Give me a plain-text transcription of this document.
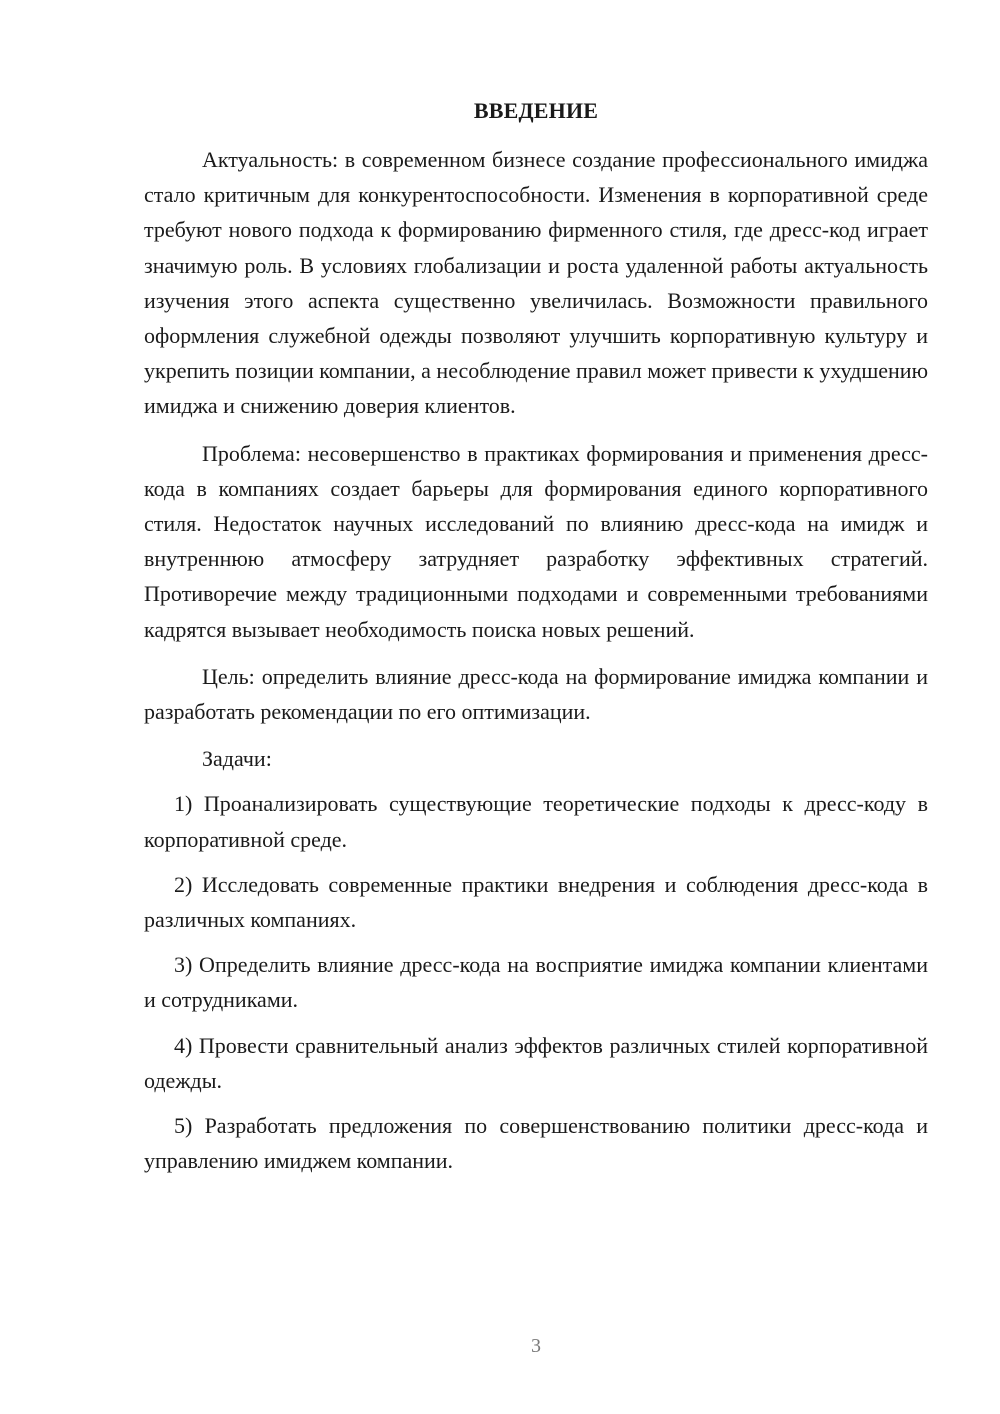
ВВЕДЕНИЕ

Актуальность: в современном бизнесе создание профессионального имиджа стало критичным для конкурентоспособности. Изменения в корпоративной среде требуют нового подхода к формированию фирменного стиля, где дресс-код играет значимую роль. В условиях глобализации и роста удаленной работы актуальность изучения этого аспекта существенно увеличилась. Возможности правильного оформления служебной одежды позволяют улучшить корпоративную культуру и укрепить позиции компании, а несоблюдение правил может привести к ухудшению имиджа и снижению доверия клиентов.

Проблема: несовершенство в практиках формирования и применения дресс-кода в компаниях создает барьеры для формирования единого корпоративного стиля. Недостаток научных исследований по влиянию дресс-кода на имидж и внутреннюю атмосферу затрудняет разработку эффективных стратегий. Противоречие между традиционными подходами и современными требованиями кадрятся вызывает необходимость поиска новых решений.

Цель: определить влияние дресс-кода на формирование имиджа компании и разработать рекомендации по его оптимизации.

Задачи:

1) Проанализировать существующие теоретические подходы к дресс-коду в корпоративной среде.

2) Исследовать современные практики внедрения и соблюдения дресс-кода в различных компаниях.

3) Определить влияние дресс-кода на восприятие имиджа компании клиентами и сотрудниками.

4) Провести сравнительный анализ эффектов различных стилей корпоративной одежды.

5) Разработать предложения по совершенствованию политики дресс-кода и управлению имиджем компании.

3
